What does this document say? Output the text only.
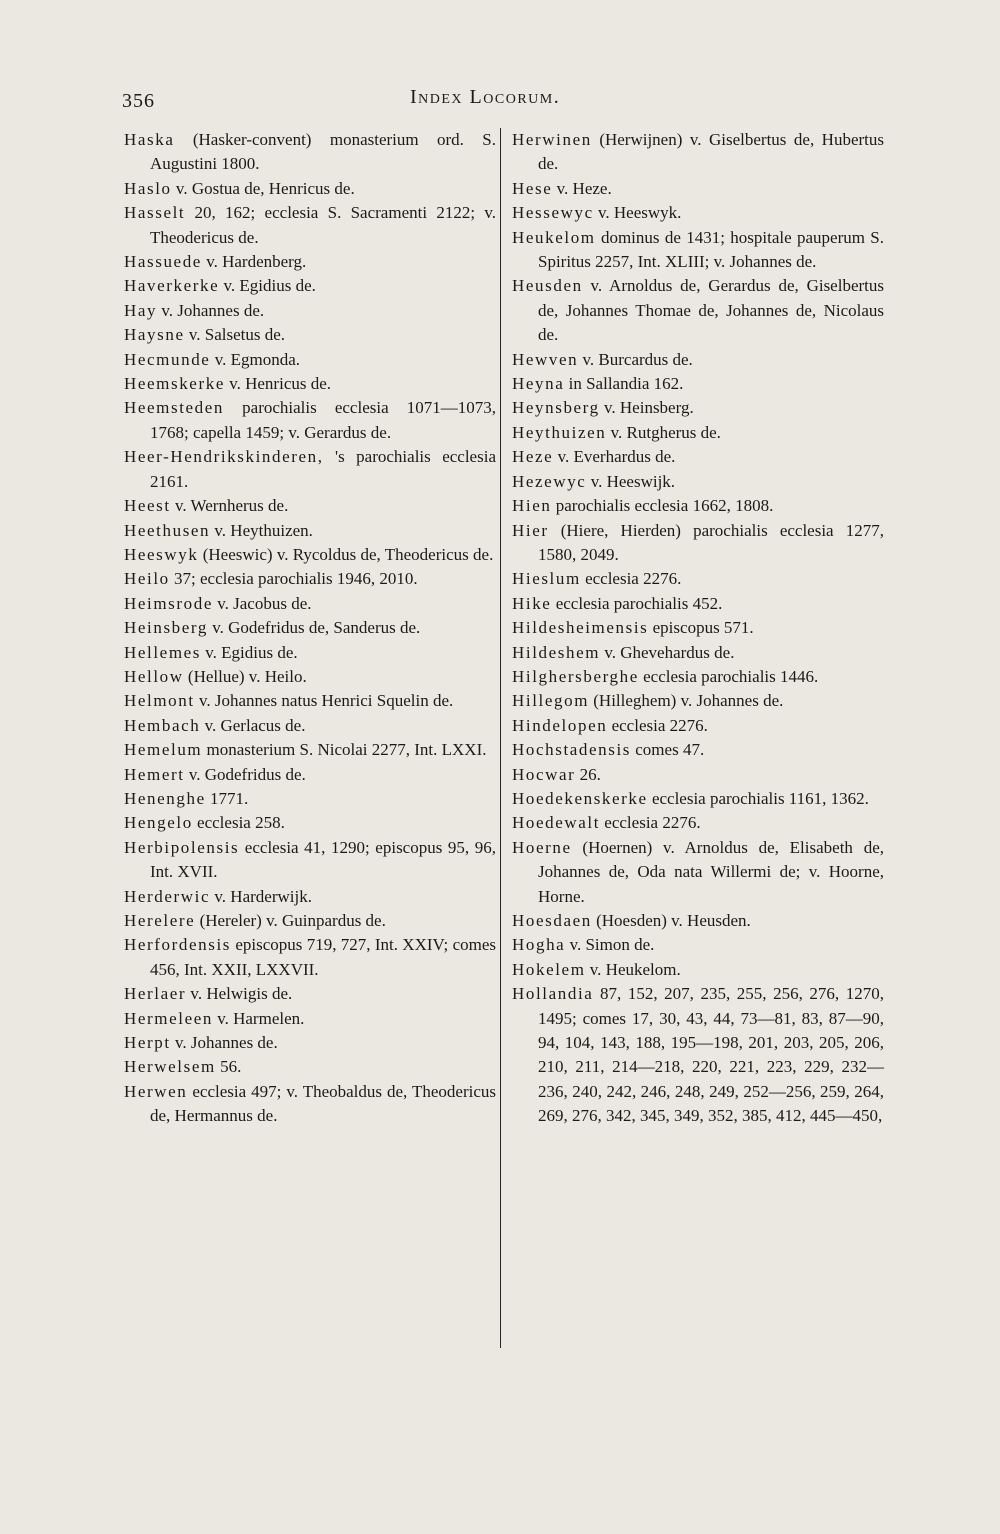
356	Index Locorum.

Haska (Hasker-convent) monasterium ord. S. Augustini 1800.

Haslo v. Gostua de, Henricus de.

Hasselt 20, 162; ecclesia S. Sacramenti 2122; v. Theodericus de.

Hassuede v. Hardenberg.

Haverkerke v. Egidius de.

Hay v. Johannes de.

Haysne v. Salsetus de.

Hecmunde v. Egmonda.

Heemskerke v. Henricus de.

Heemsteden parochialis ecclesia 1071—1073, 1768; capella 1459; v. Gerardus de.

Heer-Hendrikskinderen, 's parochialis ecclesia 2161.

Heest v. Wernherus de.

Heethusen v. Heythuizen.

Heeswyk (Heeswic) v. Rycoldus de, Theodericus de.

Heilo 37; ecclesia parochialis 1946, 2010.

Heimsrode v. Jacobus de.

Heinsberg v. Godefridus de, Sanderus de.

Hellemes v. Egidius de.

Hellow (Hellue) v. Heilo.

Helmont v. Johannes natus Henrici Squelin de.

Hembach v. Gerlacus de.

Hemelum monasterium S. Nicolai 2277, Int. LXXI.

Hemert v. Godefridus de.

Henenghe 1771.

Hengelo ecclesia 258.

Herbipolensis ecclesia 41, 1290; episcopus 95, 96, Int. XVII.

Herderwic v. Harderwijk.

Herelere (Hereler) v. Guinpardus de.

Herfordensis episcopus 719, 727, Int. XXIV; comes 456, Int. XXII, LXXVII.

Herlaer v. Helwigis de.

Hermeleen v. Harmelen.

Herpt v. Johannes de.

Herwelsem 56.

Herwen ecclesia 497; v. Theobaldus de, Theodericus de, Hermannus de.

Herwinen (Herwijnen) v. Giselbertus de, Hubertus de.

Hese v. Heze.

Hessewyc v. Heeswyk.

Heukelom dominus de 1431; hospitale pauperum S. Spiritus 2257, Int. XLIII; v. Johannes de.

Heusden v. Arnoldus de, Gerardus de, Giselbertus de, Johannes Thomae de, Johannes de, Nicolaus de.

Hewven v. Burcardus de.

Heyna in Sallandia 162.

Heynsberg v. Heinsberg.

Heythuizen v. Rutgherus de.

Heze v. Everhardus de.

Hezewyc v. Heeswijk.

Hien parochialis ecclesia 1662, 1808.

Hier (Hiere, Hierden) parochialis ecclesia 1277, 1580, 2049.

Hieslum ecclesia 2276.

Hike ecclesia parochialis 452.

Hildesheimensis episcopus 571.

Hildeshem v. Ghevehardus de.

Hilghersberghe ecclesia parochialis 1446.

Hillegom (Hilleghem) v. Johannes de.

Hindelopen ecclesia 2276.

Hochstadensis comes 47.

Hocwar 26.

Hoedekenskerke ecclesia parochialis 1161, 1362.

Hoedewalt ecclesia 2276.

Hoerne (Hoernen) v. Arnoldus de, Elisabeth de, Johannes de, Oda nata Willermi de; v. Hoorne, Horne.

Hoesdaen (Hoesden) v. Heusden.

Hogha v. Simon de.

Hokelem v. Heukelom.

Hollandia 87, 152, 207, 235, 255, 256, 276, 1270, 1495; comes 17, 30, 43, 44, 73—81, 83, 87—90, 94, 104, 143, 188, 195—198, 201, 203, 205, 206, 210, 211, 214—218, 220, 221, 223, 229, 232—236, 240, 242, 246, 248, 249, 252—256, 259, 264, 269, 276, 342, 345, 349, 352, 385, 412, 445—450,
